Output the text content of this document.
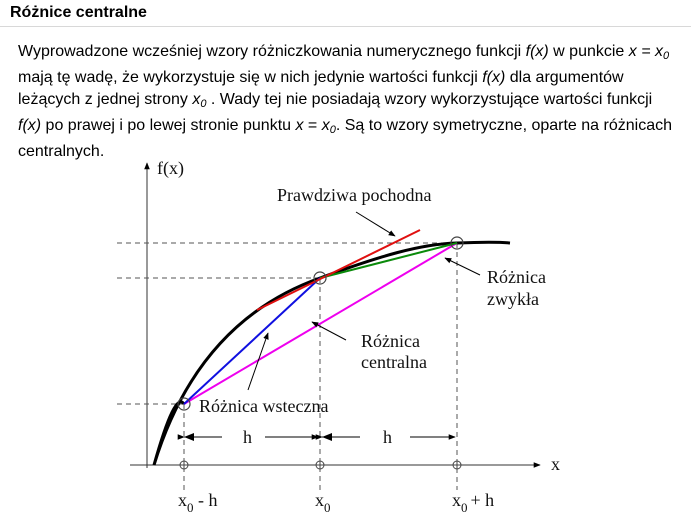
Różnice centralne
Wyprowadzone wcześniej wzory różniczkowania numerycznego funkcji f(x) w punkcie $x = x_0$ mają tę wadę, że wykorzystuje się w nich jedynie wartości funkcji f(x) dla argumentów leżących z jednej strony $x_0$ . Wady tej nie posiadają wzory wykorzystujące wartości funkcji f(x) po prawej i po lewej stronie punktu $x = x_0$. Są to wzory symetryczne, oparte na różnicach centralnych.
f(x)
x
Prawdziwa pochodna
Różnica
zwykła
Różnica
centralna
Różnica wsteczna
h	h
$x_0$ - h	$x_0$	$x_0 + h$
